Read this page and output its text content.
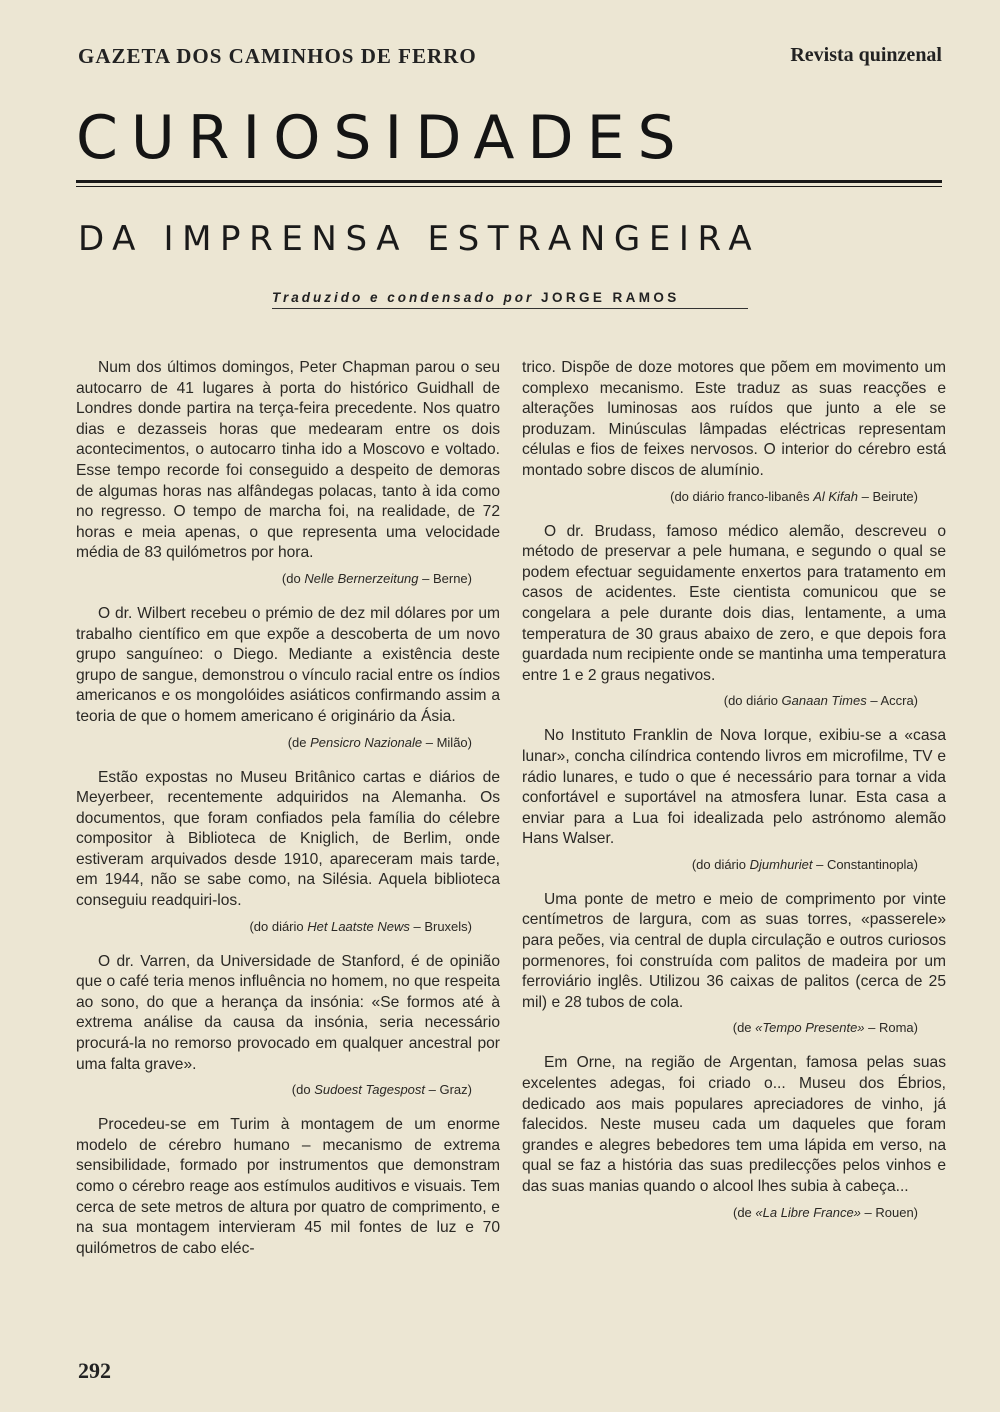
GAZETA DOS CAMINHOS DE FERRO	Revista quinzenal
CURIOSIDADES
DA IMPRENSA ESTRANGEIRA
Traduzido e condensado por JORGE RAMOS

Num dos últimos domingos, Peter Chapman parou o seu autocarro de 41 lugares à porta do histórico Guidhall de Londres donde partira na terça-feira precedente. Nos quatro dias e dezasseis horas que medearam entre os dois acontecimentos, o autocarro tinha ido a Moscovo e voltado. Esse tempo recorde foi conseguido a despeito de demoras de algumas horas nas alfândegas polacas, tanto à ida como no regresso. O tempo de marcha foi, na realidade, de 72 horas e meia apenas, o que representa uma velocidade média de 83 quilómetros por hora.

(do Nelle Bernerzeitung – Berne)

O dr. Wilbert recebeu o prémio de dez mil dólares por um trabalho científico em que expõe a descoberta de um novo grupo sanguíneo: o Diego. Mediante a existência deste grupo de sangue, demonstrou o vínculo racial entre os índios americanos e os mongolóides asiáticos confirmando assim a teoria de que o homem americano é originário da Ásia.

(de Pensicro Nazionale – Milão)

Estão expostas no Museu Britânico cartas e diários de Meyerbeer, recentemente adquiridos na Alemanha. Os documentos, que foram confiados pela família do célebre compositor à Biblioteca de Kniglich, de Berlim, onde estiveram arquivados desde 1910, apareceram mais tarde, em 1944, não se sabe como, na Silésia. Aquela biblioteca conseguiu readquiri-los.

(do diário Het Laatste News – Bruxels)

O dr. Varren, da Universidade de Stanford, é de opinião que o café teria menos influência no homem, no que respeita ao sono, do que a herança da insónia: «Se formos até à extrema análise da causa da insónia, seria necessário procurá-la no remorso provocado em qualquer ancestral por uma falta grave».

(do Sudoest Tagespost – Graz)

Procedeu-se em Turim à montagem de um enorme modelo de cérebro humano – mecanismo de extrema sensibilidade, formado por instrumentos que demonstram como o cérebro reage aos estímulos auditivos e visuais. Tem cerca de sete metros de altura por quatro de comprimento, e na sua montagem intervieram 45 mil fontes de luz e 70 quilómetros de cabo eléc-

trico. Dispõe de doze motores que põem em movimento um complexo mecanismo. Este traduz as suas reacções e alterações luminosas aos ruídos que junto a ele se produzam. Minúsculas lâmpadas eléctricas representam células e fios de feixes nervosos. O interior do cérebro está montado sobre discos de alumínio.

(do diário franco-libanês Al Kifah – Beirute)

O dr. Brudass, famoso médico alemão, descreveu o método de preservar a pele humana, e segundo o qual se podem efectuar seguidamente enxertos para tratamento em casos de acidentes. Este cientista comunicou que se congelara a pele durante dois dias, lentamente, a uma temperatura de 30 graus abaixo de zero, e que depois fora guardada num recipiente onde se mantinha uma temperatura entre 1 e 2 graus negativos.

(do diário Ganaan Times – Accra)

No Instituto Franklin de Nova Iorque, exibiu-se a «casa lunar», concha cilíndrica contendo livros em microfilme, TV e rádio lunares, e tudo o que é necessário para tornar a vida confortável e suportável na atmosfera lunar. Esta casa a enviar para a Lua foi idealizada pelo astrónomo alemão Hans Walser.

(do diário Djumhuriet – Constantinopla)

Uma ponte de metro e meio de comprimento por vinte centímetros de largura, com as suas torres, «passerele» para peões, via central de dupla circulação e outros curiosos pormenores, foi construída com palitos de madeira por um ferroviário inglês. Utilizou 36 caixas de palitos (cerca de 25 mil) e 28 tubos de cola.

(de «Tempo Presente» – Roma)

Em Orne, na região de Argentan, famosa pelas suas excelentes adegas, foi criado o... Museu dos Ébrios, dedicado aos mais populares apreciadores de vinho, já falecidos. Neste museu cada um daqueles que foram grandes e alegres bebedores tem uma lápida em verso, na qual se faz a história das suas predilecções pelos vinhos e das suas manias quando o alcool lhes subia à cabeça...

(de «La Libre France» – Rouen)
292
